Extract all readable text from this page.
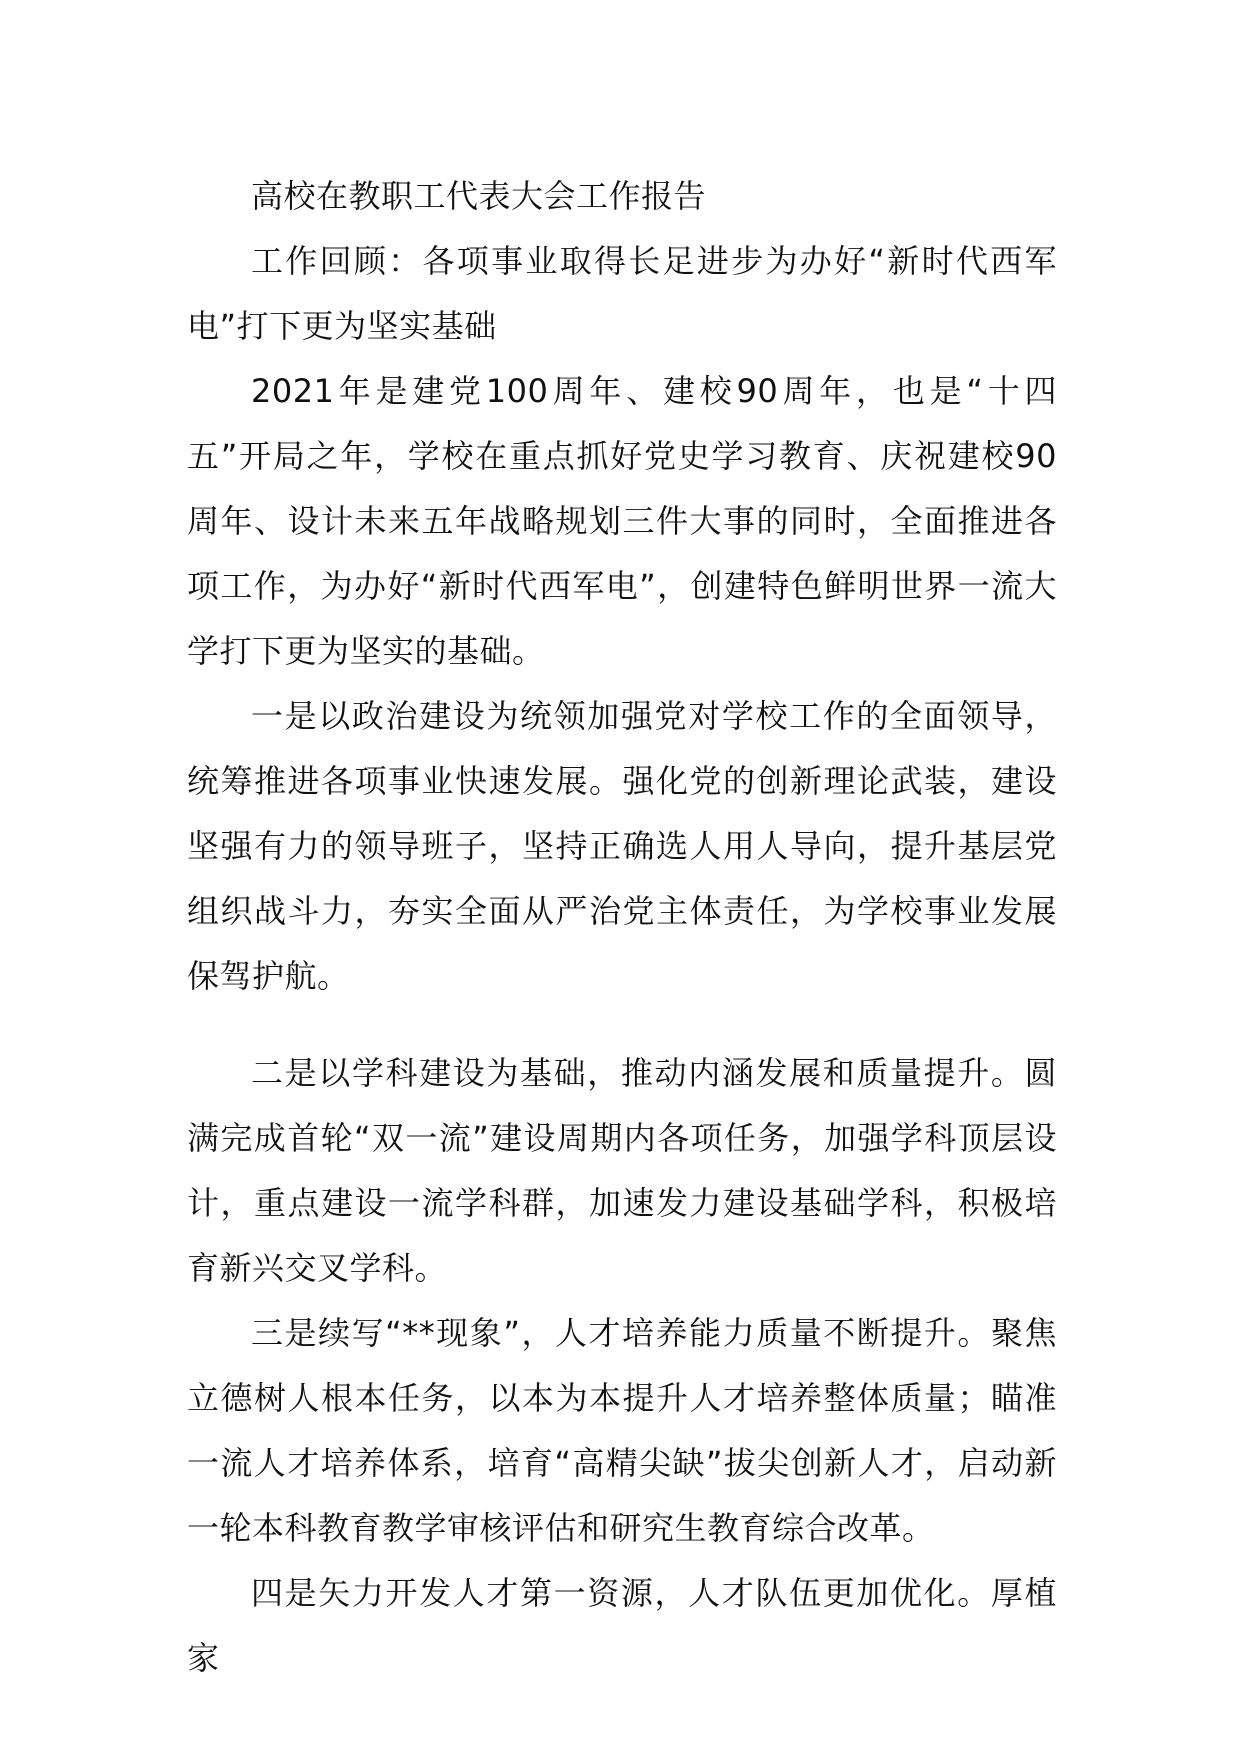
高校在教职工代表大会工作报告

工作回顾：各项事业取得长足进步为办好“新时代西军电”打下更为坚实基础

2021年是建党100周年、建校90周年，也是“十四五”开局之年，学校在重点抓好党史学习教育、庆祝建校90周年、设计未来五年战略规划三件大事的同时，全面推进各项工作，为办好“新时代西军电”，创建特色鲜明世界一流大学打下更为坚实的基础。

一是以政治建设为统领加强党对学校工作的全面领导，统筹推进各项事业快速发展。强化党的创新理论武装，建设坚强有力的领导班子，坚持正确选人用人导向，提升基层党组织战斗力，夯实全面从严治党主体责任，为学校事业发展保驾护航。

二是以学科建设为基础，推动内涵发展和质量提升。圆满完成首轮“双一流”建设周期内各项任务，加强学科顶层设计，重点建设一流学科群，加速发力建设基础学科，积极培育新兴交叉学科。

三是续写“**现象”，人才培养能力质量不断提升。聚焦立德树人根本任务，以本为本提升人才培养整体质量；瞄准一流人才培养体系，培育“高精尖缺”拔尖创新人才，启动新一轮本科教育教学审核评估和研究生教育综合改革。

四是矢力开发人才第一资源，人才队伍更加优化。厚植家
